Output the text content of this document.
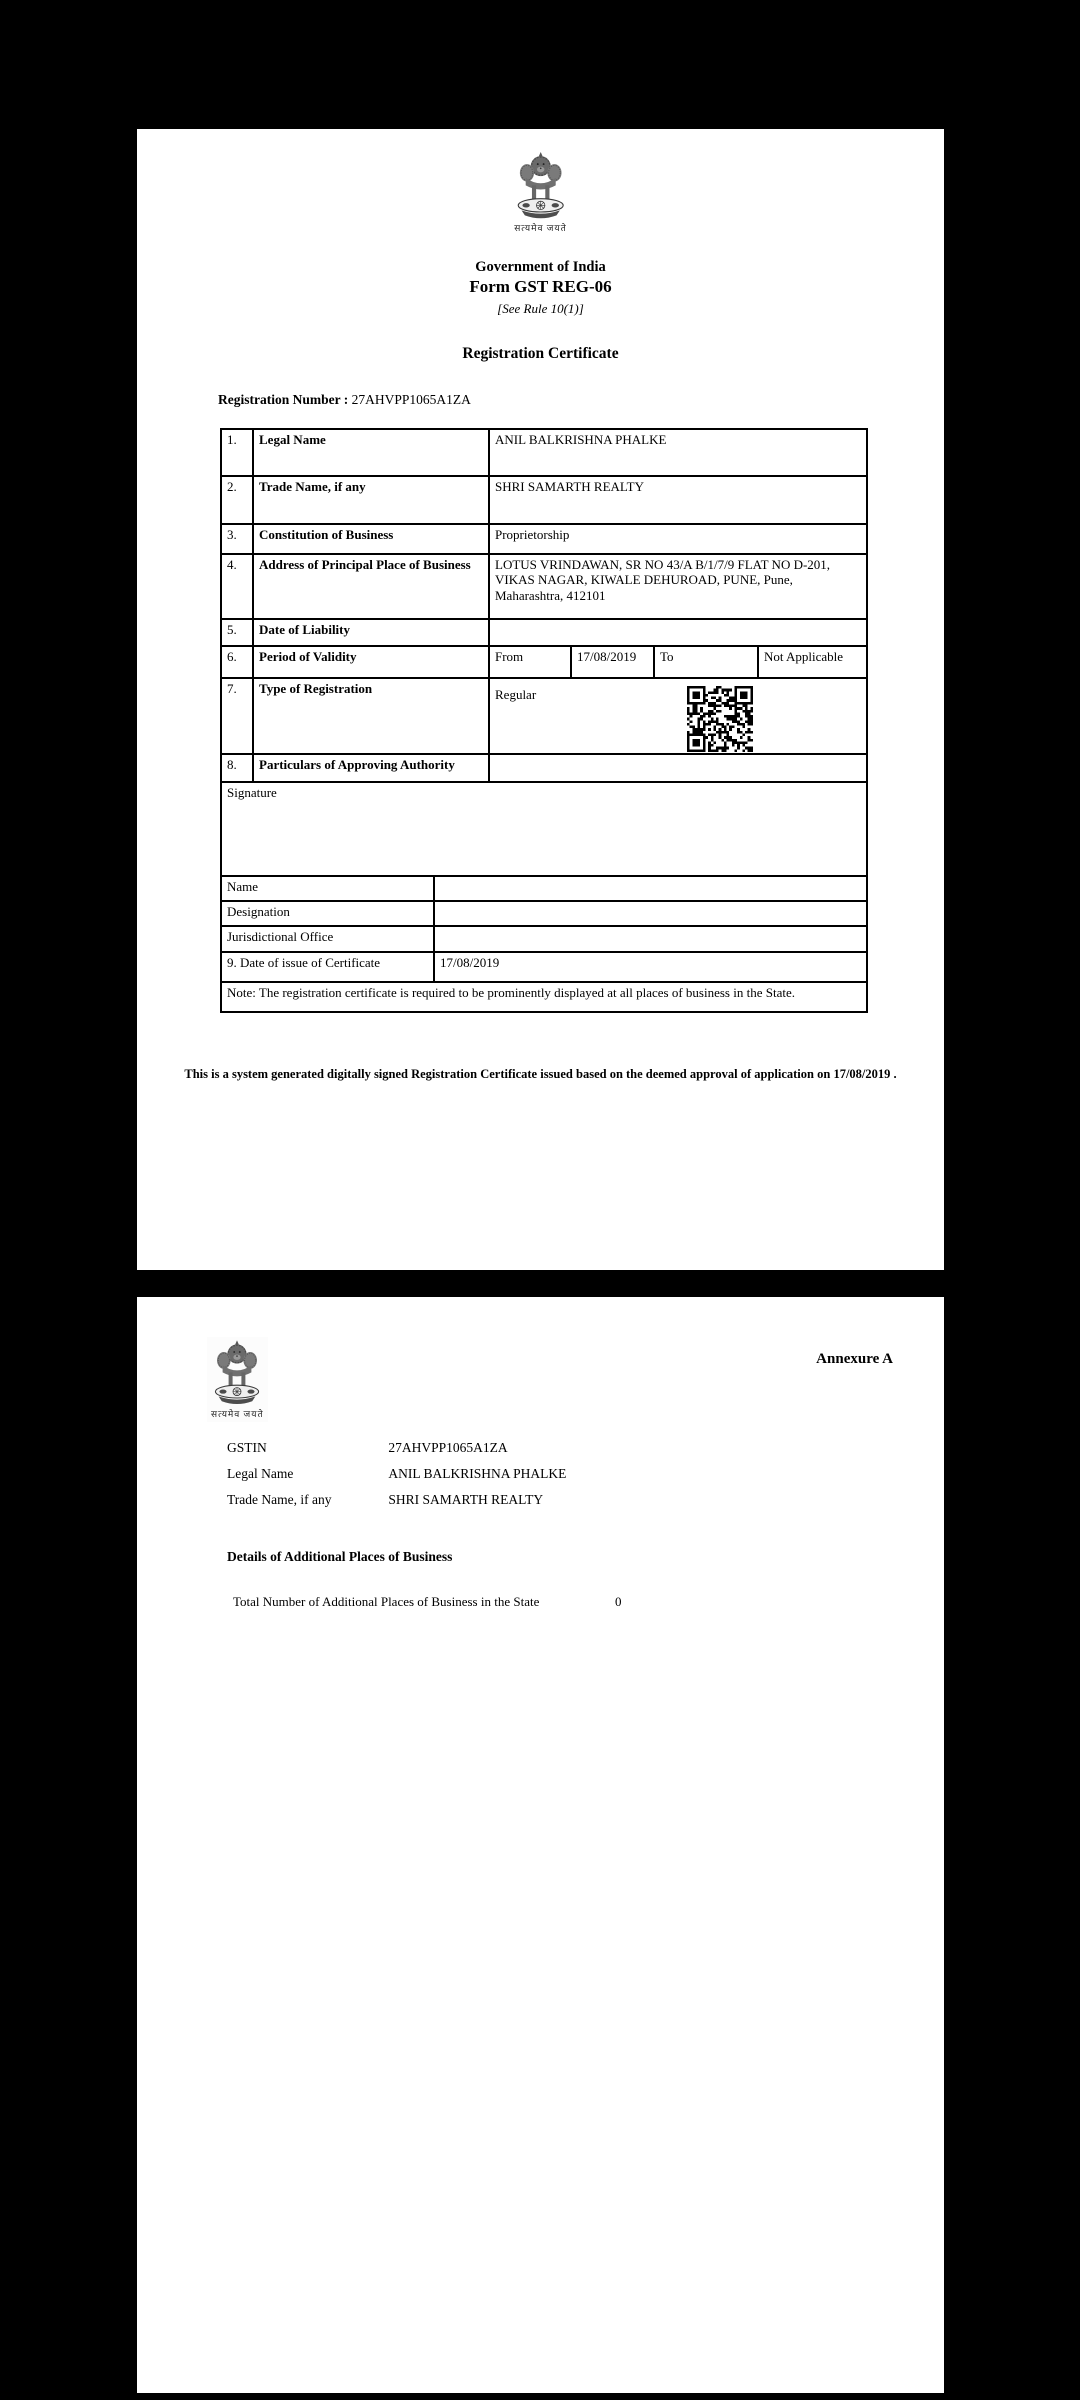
सत्यमेव जयते
Government of India
Form GST REG-06
[See Rule 10(1)]
Registration Certificate
Registration Number : 27AHVPP1065A1ZA
1.	Legal Name	ANIL BALKRISHNA PHALKE			
2.	Trade Name, if any	SHRI SAMARTH REALTY			
3.	Constitution of Business	Proprietorship			
4.	Address of Principal Place of Business	LOTUS VRINDAWAN, SR NO 43/A B/1/7/9 FLAT NO D-201, VIKAS NAGAR, KIWALE DEHUROAD, PUNE, Pune, Maharashtra, 412101			
5.	Date of Liability				
6.	Period of Validity	From	17/08/2019	To	Not Applicable
7.	Type of Registration	Regular			

8.	Particulars of Approving Authority				
Signature	
Name	
Designation	
Jurisdictional Office	
9. Date of issue of Certificate	17/08/2019
Note: The registration certificate is required to be prominently displayed at all places of business in the State.	
This is a system generated digitally signed Registration Certificate issued based on the deemed approval of application on 17/08/2019 .
सत्यमेव जयते
Annexure A
GSTIN	27AHVPP1065A1ZA
Legal Name	ANIL BALKRISHNA PHALKE
Trade Name, if any	SHRI SAMARTH REALTY
Details of Additional Places of Business
Total Number of Additional Places of Business in the State	0
